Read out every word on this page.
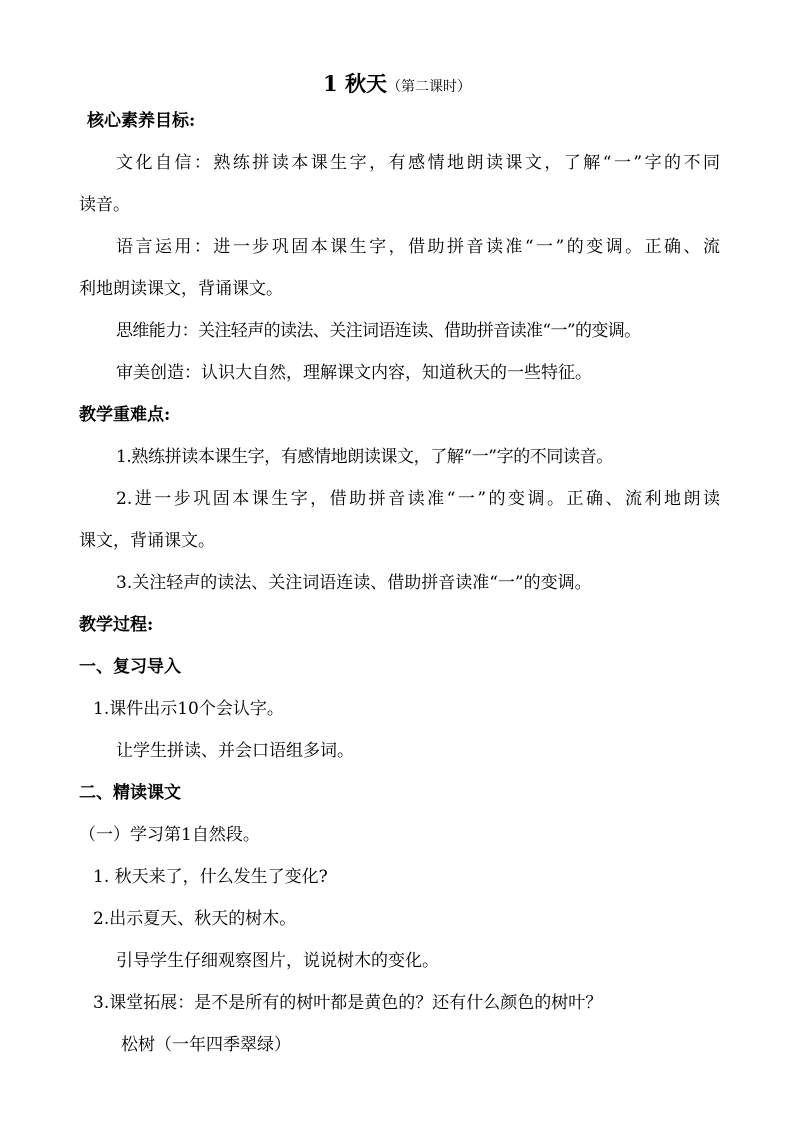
1 秋天（第二课时）
核心素养目标:
文化自信：熟练拼读本课生字，有感情地朗读课文，了解“一”字的不同
读音。
语言运用：进一步巩固本课生字，借助拼音读准“一”的变调。正确、流
利地朗读课文，背诵课文。
思维能力：关注轻声的读法、关注词语连读、借助拼音读准“一”的变调。
审美创造：认识大自然，理解课文内容，知道秋天的一些特征。
教学重难点:
1.熟练拼读本课生字，有感情地朗读课文，了解“一”字的不同读音。
2.进一步巩固本课生字，借助拼音读准“一”的变调。正确、流利地朗读
课文，背诵课文。
3.关注轻声的读法、关注词语连读、借助拼音读准“一”的变调。
教学过程:
一、复习导入
1.课件出示10个会认字。
让学生拼读、并会口语组多词。
二、精读课文
（一）学习第1自然段。
1. 秋天来了，什么发生了变化?
2.出示夏天、秋天的树木。
引导学生仔细观察图片，说说树木的变化。
3.课堂拓展：是不是所有的树叶都是黄色的？还有什么颜色的树叶？
松树（一年四季翠绿）
